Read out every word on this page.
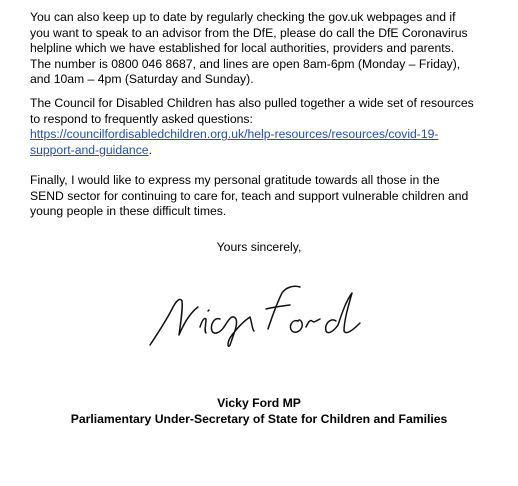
You can also keep up to date by regularly checking the gov.uk webpages and if
you want to speak to an advisor from the DfE, please do call the DfE Coronavirus
helpline which we have established for local authorities, providers and parents.
The number is 0800 046 8687, and lines are open 8am-6pm (Monday – Friday),
and 10am – 4pm (Saturday and Sunday).

The Council for Disabled Children has also pulled together a wide set of resources
to respond to frequently asked questions:
https://councilfordisabledchildren.org.uk/help-resources/resources/covid-19-
support-and-guidance.

Finally, I would like to express my personal gratitude towards all those in the
SEND sector for continuing to care for, teach and support vulnerable children and
young people in these difficult times.

Yours sincerely,
Vicky Ford MP
Parliamentary Under-Secretary of State for Children and Families
